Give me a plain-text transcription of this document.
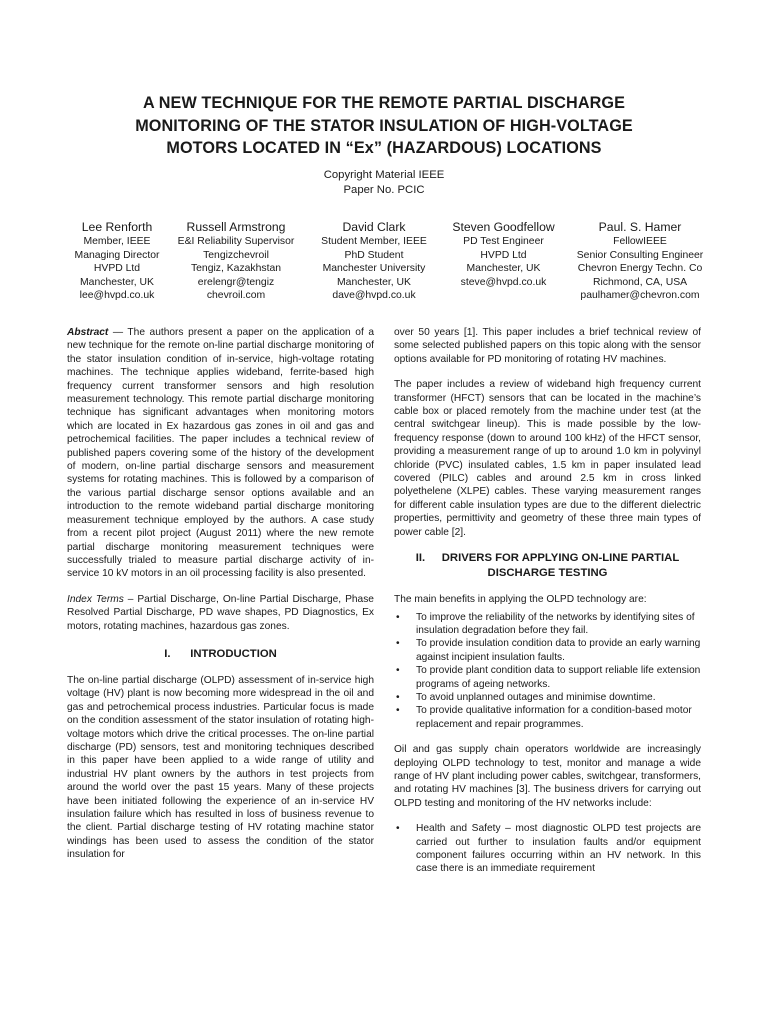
A NEW TECHNIQUE FOR THE REMOTE PARTIAL DISCHARGE
MONITORING OF THE STATOR INSULATION OF HIGH-VOLTAGE
MOTORS LOCATED IN “Ex” (HAZARDOUS) LOCATIONS
Copyright Material IEEE
Paper No. PCIC
Lee Renforth
Member, IEEE
Managing Director
HVPD Ltd
Manchester, UK
lee@hvpd.co.uk
Russell Armstrong
E&I Reliability Supervisor
Tengizchevroil
Tengiz, Kazakhstan
erelengr@tengiz
chevroil.com
David Clark
Student Member, IEEE
PhD Student
Manchester University
Manchester, UK
dave@hvpd.co.uk
Steven Goodfellow
PD Test Engineer
HVPD Ltd
Manchester, UK
steve@hvpd.co.uk
Paul. S. Hamer
FellowIEEE
Senior Consulting Engineer
Chevron Energy Techn. Co
Richmond, CA, USA
paulhamer@chevron.com

Abstract — The authors present a paper on the application of a new technique for the remote on-line partial discharge monitoring of the stator insulation condition of in-service, high-voltage rotating machines. The technique applies wideband, ferrite-based high frequency current transformer sensors and high resolution measurement technology. This remote partial discharge monitoring technique has significant advantages when monitoring motors which are located in Ex hazardous gas zones in oil and gas and petrochemical facilities. The paper includes a technical review of published papers covering some of the history of the development of modern, on-line partial discharge sensors and measurement systems for rotating machines. This is followed by a comparison of the various partial discharge sensor options available and an introduction to the remote wideband partial discharge monitoring measurement technique employed by the authors. A case study from a recent pilot project (August 2011) where the new remote partial discharge monitoring measurement techniques were successfully trialed to measure partial discharge activity of in-service 10 kV motors in an oil processing facility is also presented.

Index Terms – Partial Discharge, On-line Partial Discharge, Phase Resolved Partial Discharge, PD wave shapes, PD Diagnostics, Ex motors, rotating machines, hazardous gas zones.

I. INTRODUCTION

The on-line partial discharge (OLPD) assessment of in-service high voltage (HV) plant is now becoming more widespread in the oil and gas and petrochemical process industries. Particular focus is made on the condition assessment of the stator insulation of rotating high-voltage motors which drive the critical processes. The on-line partial discharge (PD) sensors, test and monitoring techniques described in this paper have been applied to a wide range of utility and industrial HV plant owners by the authors in test projects from around the world over the past 15 years. Many of these projects have been initiated following the experience of an in-service HV insulation failure which has resulted in loss of business revenue to the client. Partial discharge testing of HV rotating machine stator windings has been used to assess the condition of the stator insulation for

over 50 years [1]. This paper includes a brief technical review of some selected published papers on this topic along with the sensor options available for PD monitoring of rotating HV machines.

The paper includes a review of wideband high frequency current transformer (HFCT) sensors that can be located in the machine’s cable box or placed remotely from the machine under test (at the central switchgear lineup). This is made possible by the low-frequency response (down to around 100 kHz) of the HFCT sensor, providing a measurement range of up to around 1.0 km in polyvinyl chloride (PVC) insulated cables, 1.5 km in paper insulated lead covered (PILC) cables and around 2.5 km in cross linked polyethelene (XLPE) cables. These varying measurement ranges for different cable insulation types are due to the different dielectric properties, permittivity and geometry of these three main types of power cable [2].

II. DRIVERS FOR APPLYING ON-LINE PARTIAL
DISCHARGE TESTING

The main benefits in applying the OLPD technology are:

• To improve the reliability of the networks by identifying sites of insulation degradation before they fail.
• To provide insulation condition data to provide an early warning against incipient insulation faults.
• To provide plant condition data to support reliable life extension programs of ageing networks.
• To avoid unplanned outages and minimise downtime.
• To provide qualitative information for a condition-based motor replacement and repair programmes.

Oil and gas supply chain operators worldwide are increasingly deploying OLPD technology to test, monitor and manage a wide range of HV plant including power cables, switchgear, transformers, and rotating HV machines [3]. The business drivers for carrying out OLPD testing and monitoring of the HV networks include:

• Health and Safety – most diagnostic OLPD test projects are carried out further to insulation faults and/or equipment component failures occurring within an HV network. In this case there is an immediate requirement
